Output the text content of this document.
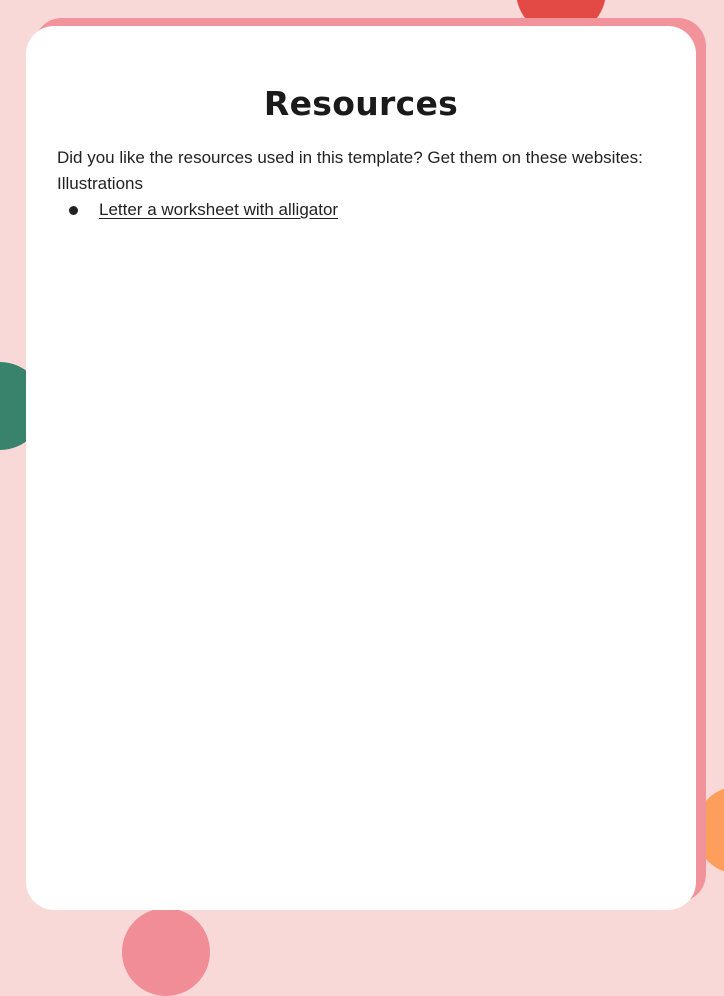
Resources

Did you like the resources used in this template? Get them on these websites:

Illustrations

Letter a worksheet with alligator
